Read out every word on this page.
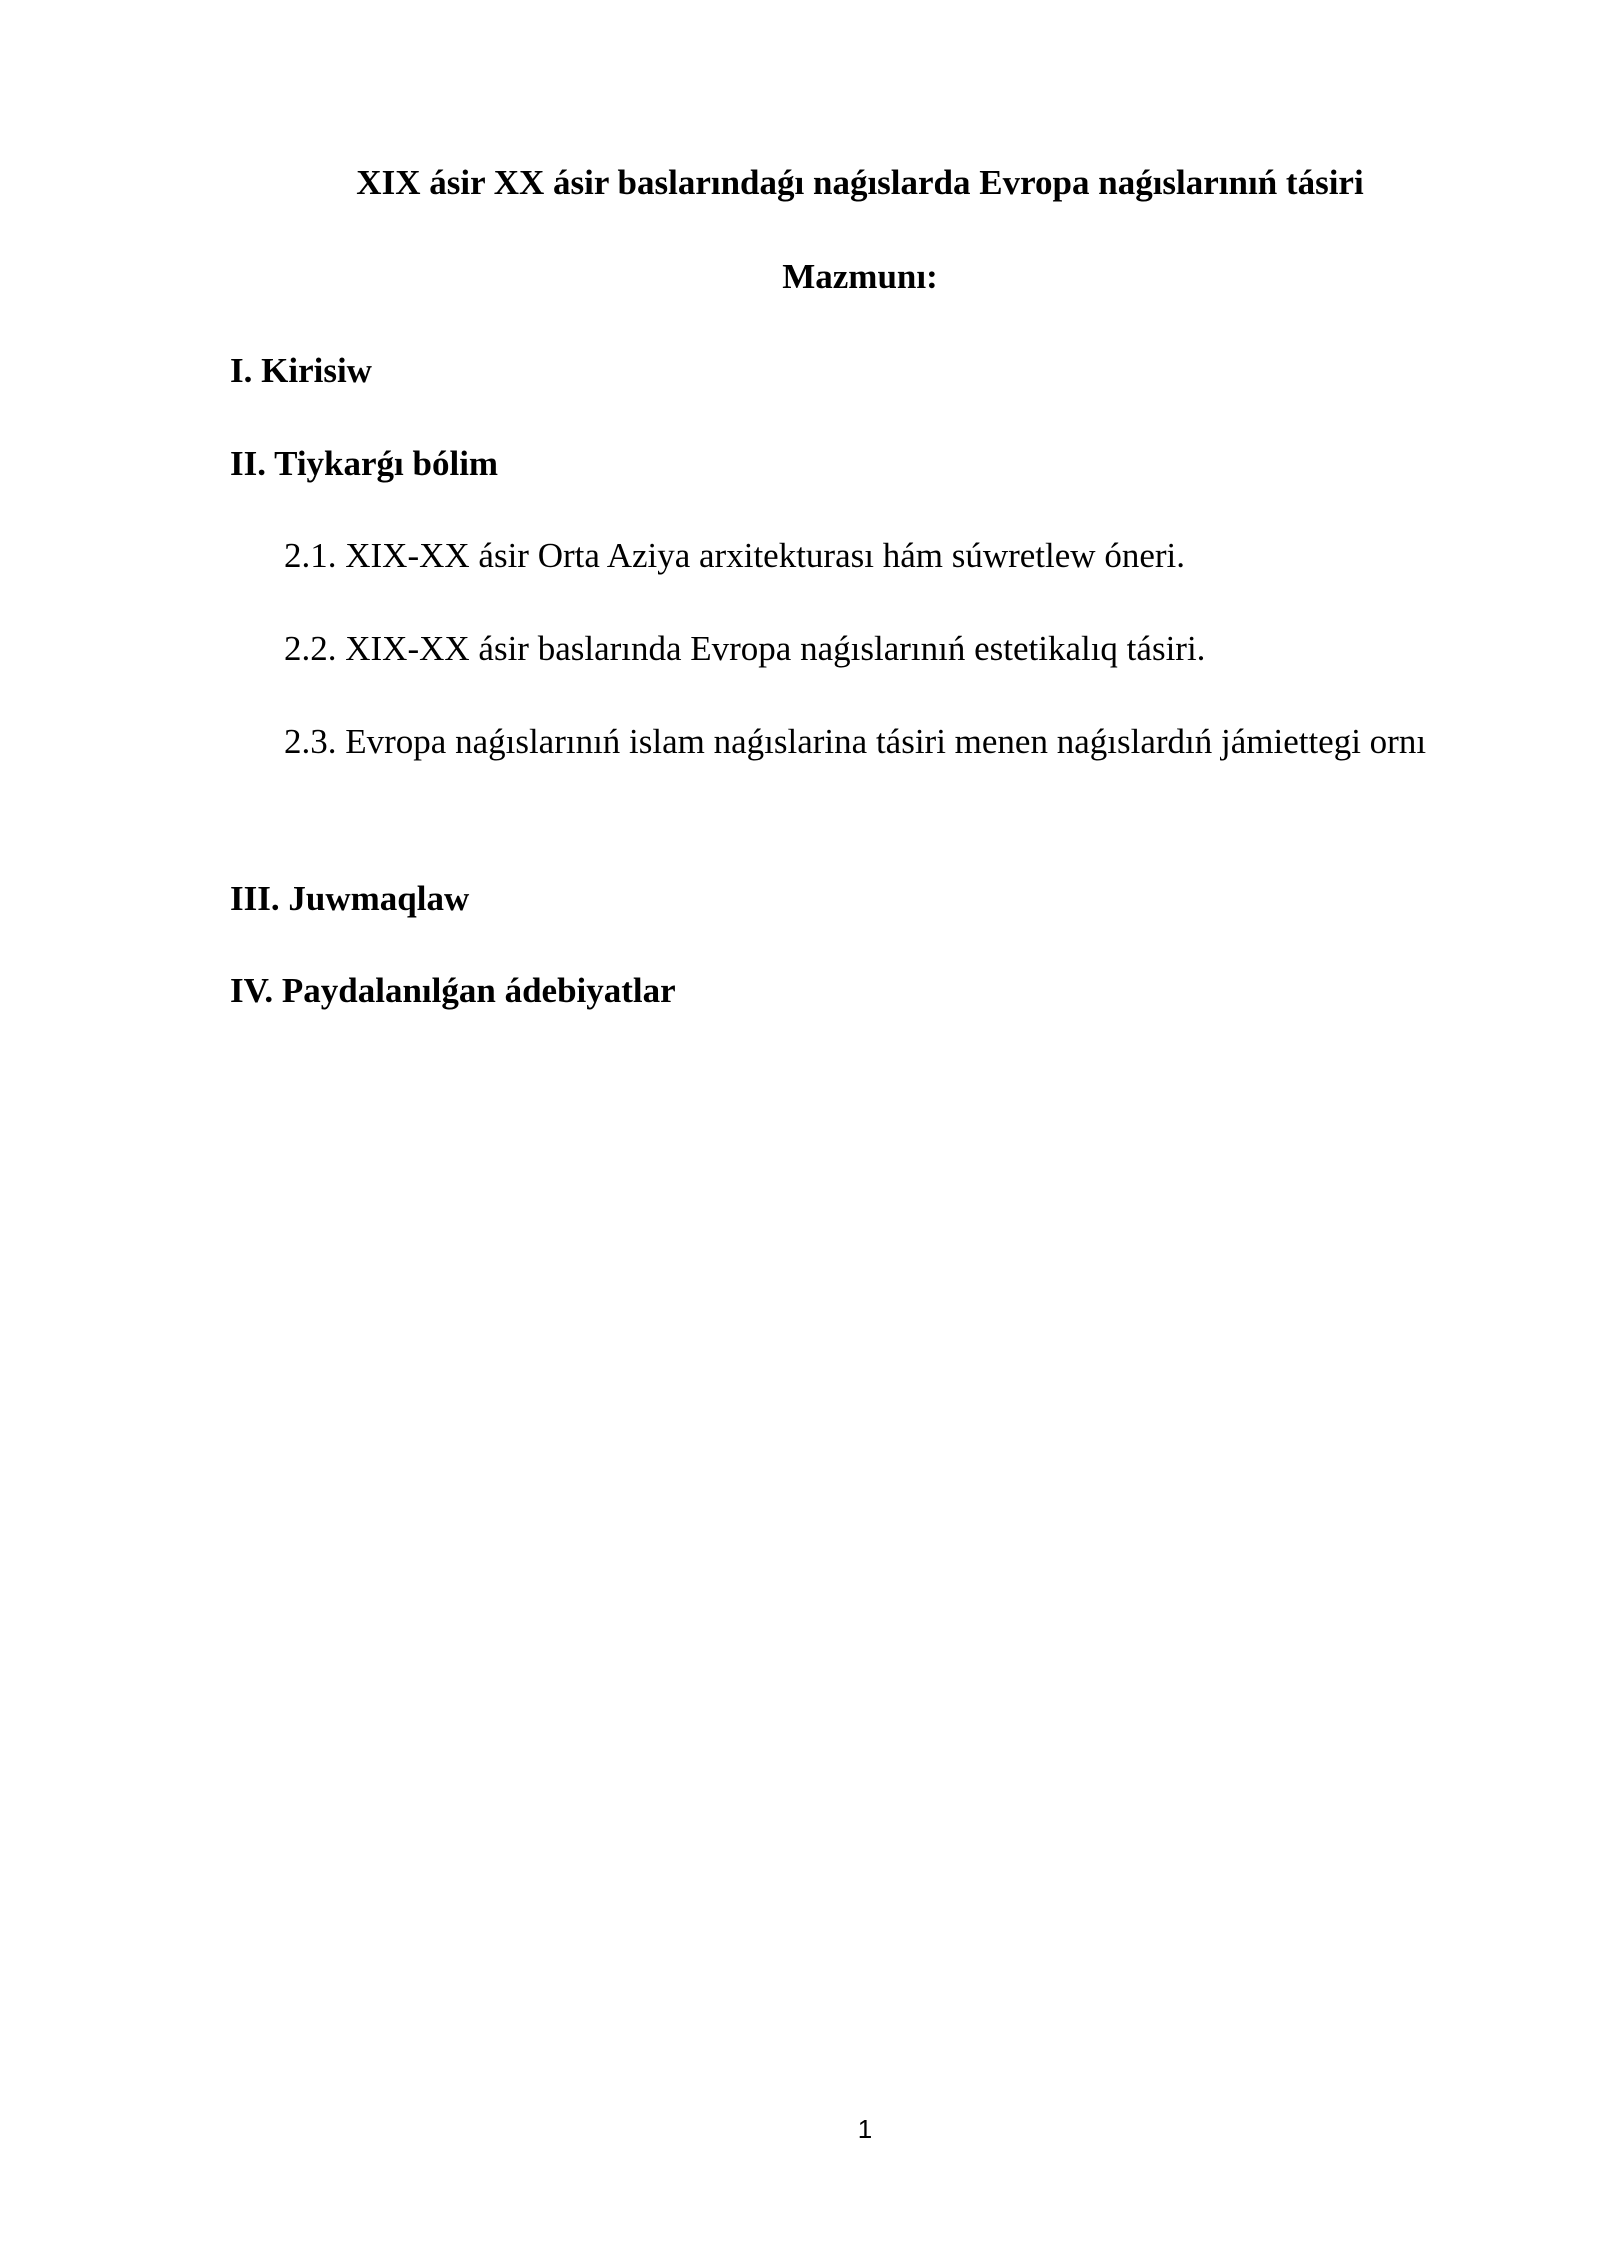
XIX ásir XX ásir baslarındaǵı naǵıslarda Evropa naǵıslarınıń tásiri
Mazmunı:
I. Kirisiw
II. Tiykarǵı bólim
2.1. XIX-XX ásir Orta Aziya arxitekturası hám súwretlew óneri.
2.2. XIX-XX ásir baslarında Evropa naǵıslarınıń estetikalıq tásiri.
2.3. Evropa naǵıslarınıń islam naǵıslarina tásiri menen naǵıslardıń jámiettegi ornı
III. Juwmaqlaw
IV. Paydalanılǵan ádebiyatlar
1
